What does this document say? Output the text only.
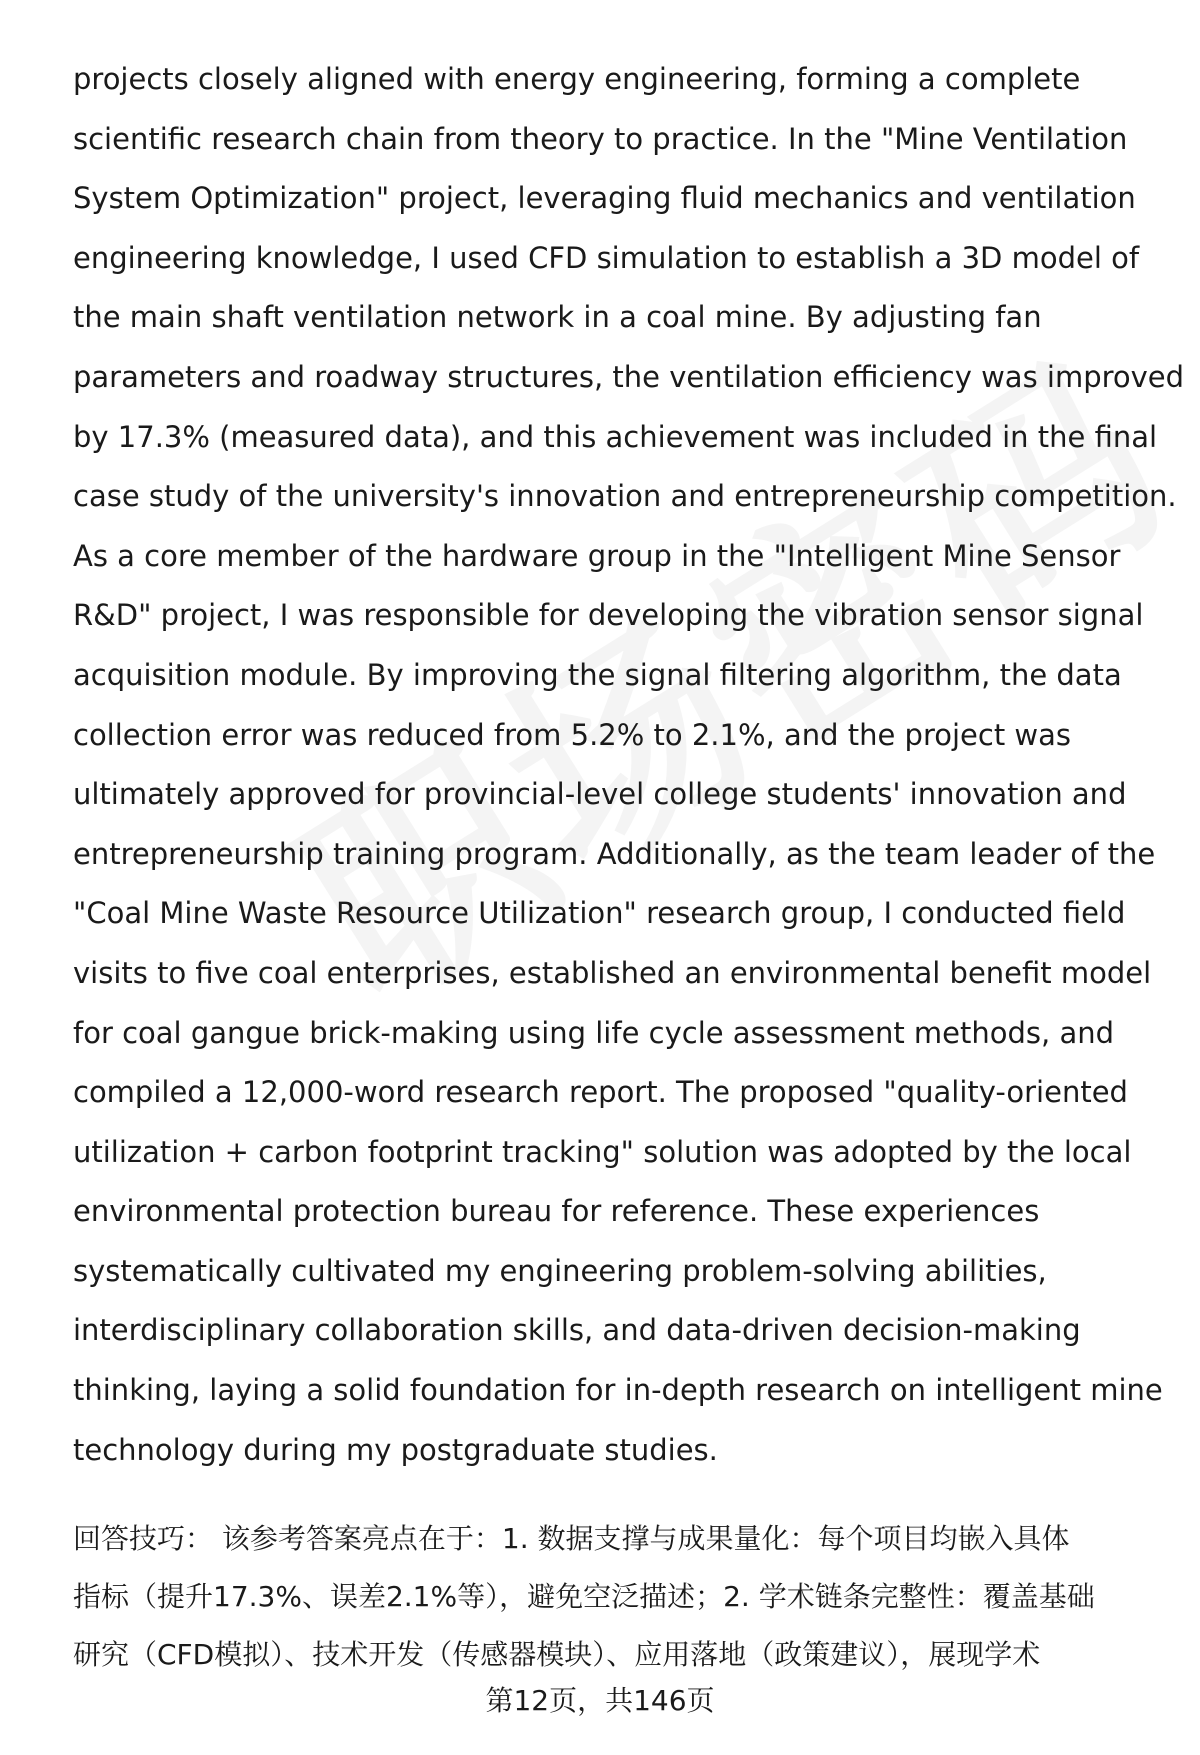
projects closely aligned with energy engineering, forming a complete
scientific research chain from theory to practice. In the "Mine Ventilation
System Optimization" project, leveraging fluid mechanics and ventilation
engineering knowledge, I used CFD simulation to establish a 3D model of
the main shaft ventilation network in a coal mine. By adjusting fan
parameters and roadway structures, the ventilation efficiency was improved
by 17.3% (measured data), and this achievement was included in the final
case study of the university's innovation and entrepreneurship competition.
As a core member of the hardware group in the "Intelligent Mine Sensor
R&D" project, I was responsible for developing the vibration sensor signal
acquisition module. By improving the signal filtering algorithm, the data
collection error was reduced from 5.2% to 2.1%, and the project was
ultimately approved for provincial-level college students' innovation and
entrepreneurship training program. Additionally, as the team leader of the
"Coal Mine Waste Resource Utilization" research group, I conducted field
visits to five coal enterprises, established an environmental benefit model
for coal gangue brick-making using life cycle assessment methods, and
compiled a 12,000-word research report. The proposed "quality-oriented
utilization + carbon footprint tracking" solution was adopted by the local
environmental protection bureau for reference. These experiences
systematically cultivated my engineering problem-solving abilities,
interdisciplinary collaboration skills, and data-driven decision-making
thinking, laying a solid foundation for in-depth research on intelligent mine
technology during my postgraduate studies.
回答技巧： 该参考答案亮点在于：1. 数据支撑与成果量化：每个项目均嵌入具体
指标（提升17.3%、误差2.1%等），避免空泛描述；2. 学术链条完整性：覆盖基础
研究（CFD模拟）、技术开发（传感器模块）、应用落地（政策建议），展现学术
第12页，共146页
